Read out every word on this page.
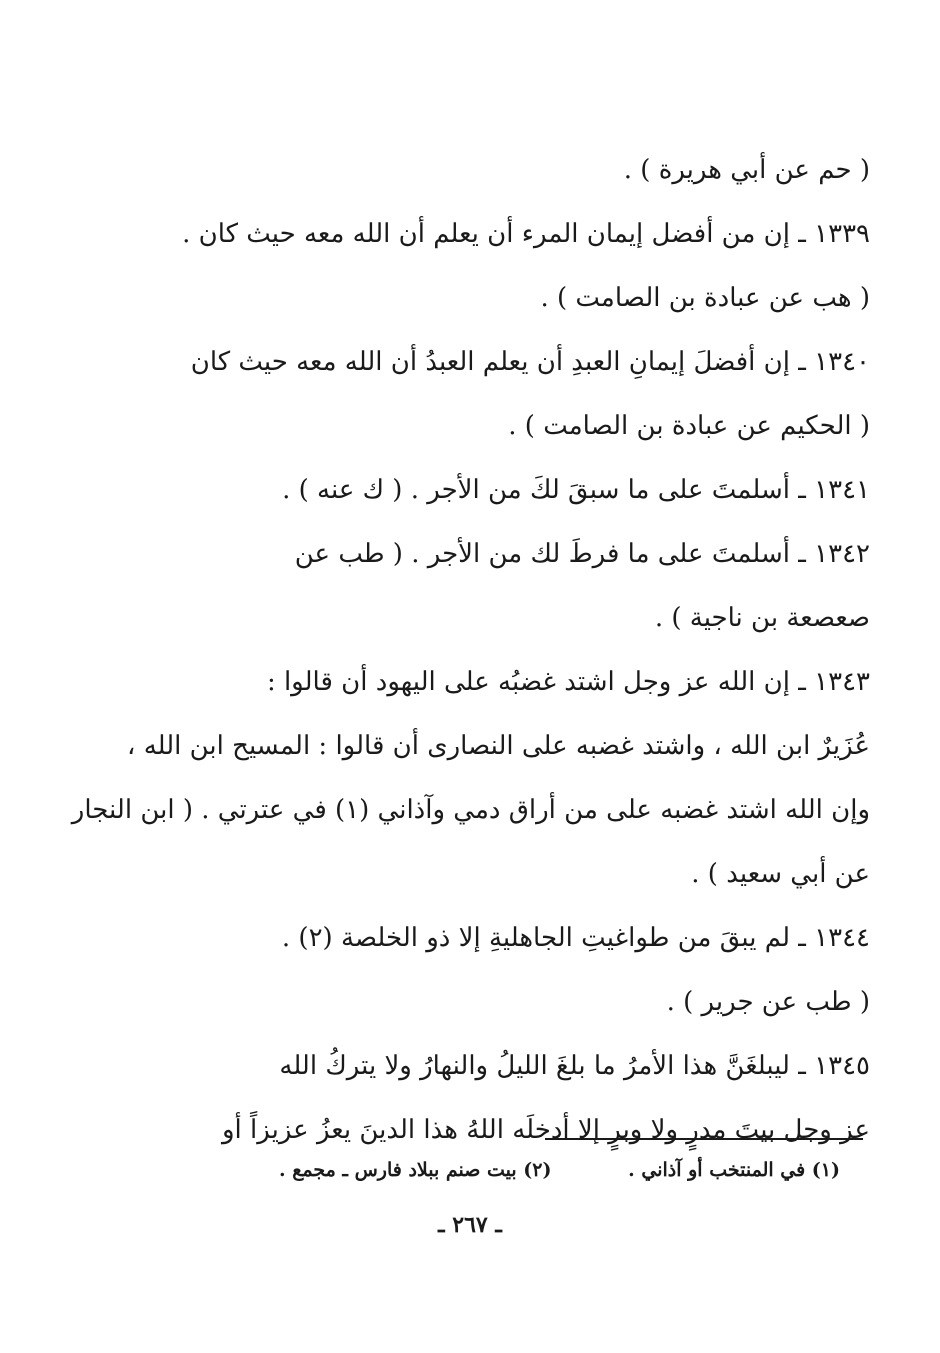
( حم عن أبي هريرة ) .
١٣٣٩ ـ إن من أفضل إيمان المرء أن يعلم أن الله معه حيث كان .
( هب عن عبادة بن الصامت ) .
١٣٤٠ ـ إن أفضلَ إيمانِ العبدِ أن يعلم العبدُ أن الله معه حيث كان
( الحكيم عن عبادة بن الصامت ) .
١٣٤١ ـ أسلمتَ على ما سبقَ لكَ من الأجر . ( ك عنه ) .
١٣٤٢ ـ أسلمتَ على ما فرطَ لك من الأجر . ( طب عن
صعصعة بن ناجية ) .
١٣٤٣ ـ إن الله عز وجل اشتد غضبُه على اليهود أن قالوا :
عُزَيرٌ ابن الله ، واشتد غضبه على النصارى أن قالوا : المسيح ابن الله ،
وإن الله اشتد غضبه على من أراق دمي وآذاني (١) في عترتي . ( ابن النجار
عن أبي سعيد ) .
١٣٤٤ ـ لم يبقَ من طواغيتِ الجاهليةِ إلا ذو الخلصة (٢) .
( طب عن جرير ) .
١٣٤٥ ـ ليبلغَنَّ هذا الأمرُ ما بلغَ الليلُ والنهارُ ولا يتركُ الله
عز وجل بيتَ مدرٍ ولا وبرٍ إلا أدخلَه اللهُ هذا الدينَ يعزُ عزيزاً أو
(١) في المنتخب أو آذاني . (٢) بيت صنم ببلاد فارس ـ مجمع .
ـ ٢٦٧ ـ
